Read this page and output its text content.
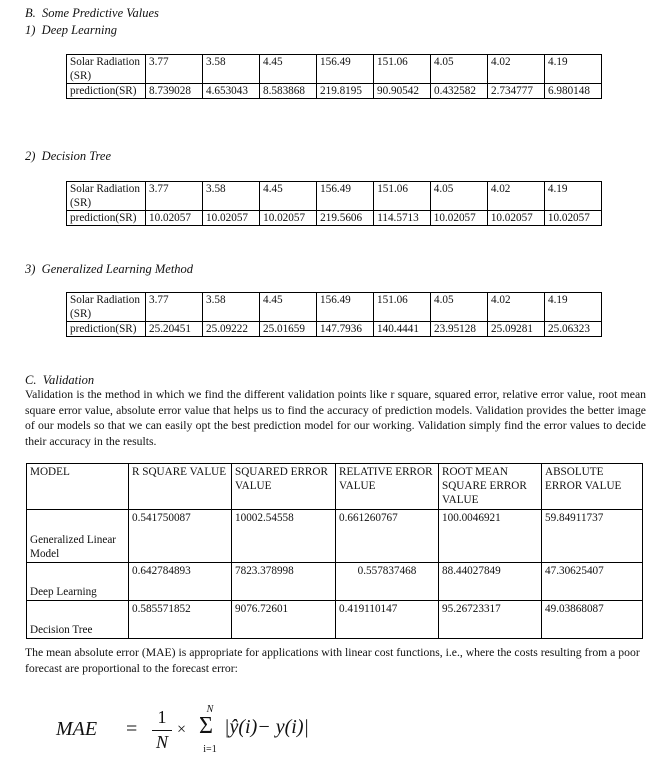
B. Some Predictive Values
1) Deep Learning
Solar Radiation (SR)	3.77	3.58	4.45	156.49	151.06	4.05	4.02	4.19
prediction(SR)	8.739028	4.653043	8.583868	219.8195	90.90542	0.432582	2.734777	6.980148
2) Decision Tree
Solar Radiation (SR)	3.77	3.58	4.45	156.49	151.06	4.05	4.02	4.19
prediction(SR)	10.02057	10.02057	10.02057	219.5606	114.5713	10.02057	10.02057	10.02057
3) Generalized Learning Method
Solar Radiation (SR)	3.77	3.58	4.45	156.49	151.06	4.05	4.02	4.19
prediction(SR)	25.20451	25.09222	25.01659	147.7936	140.4441	23.95128	25.09281	25.06323
C. Validation
Validation is the method in which we find the different validation points like r square, squared error, relative error value, root mean square error value, absolute error value that helps us to find the accuracy of prediction models. Validation provides the better image of our models so that we can easily opt the best prediction model for our working. Validation simply find the error values to decide their accuracy in the results.
MODEL	R SQUARE VALUE	SQUARED ERROR VALUE	RELATIVE ERROR VALUE	ROOT MEAN SQUARE ERROR VALUE	ABSOLUTE ERROR VALUE

Generalized Linear Model	0.541750087	10002.54558	0.661260767	100.0046921	59.84911737

Deep Learning	0.642784893	7823.378998	0.557837468	88.44027849	47.30625407

Decision Tree	0.585571852	9076.72601	0.419110147	95.26723317	49.03868087
The mean absolute error (MAE) is appropriate for applications with linear cost functions, i.e., where the costs resulting from a poor forecast are proportional to the forecast error:
MAE =
1
N
×
N
Σ
i=1
|ŷ(i)− y(i)|
